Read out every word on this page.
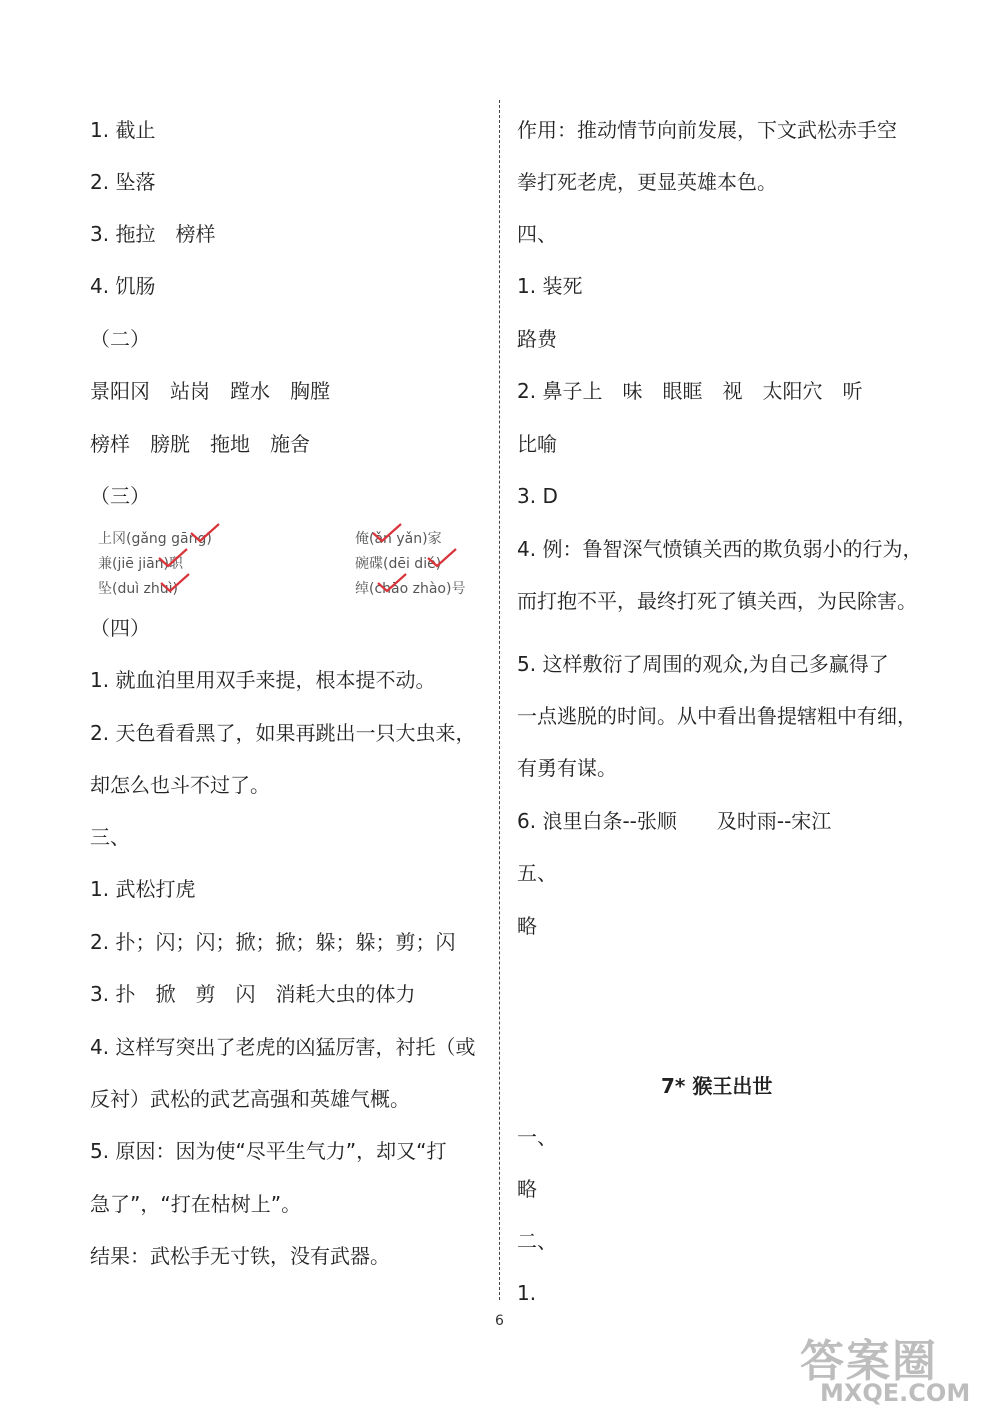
1. 截止
2. 坠落
3. 拖拉　榜样
4. 饥肠
（二）
景阳冈　站岗　蹚水　胸膛
榜样　膀胱　拖地　施舍
（三）
上冈(gǎng gāng)
兼(jiē jiān)职
坠(duì zhuì)
俺(ǎn yǎn)家
碗碟(dēi dié)
绰(chāo zhào)号
（四）
1. 就血泊里用双手来提，根本提不动。
2. 天色看看黑了，如果再跳出一只大虫来，
却怎么也斗不过了。
三、
1. 武松打虎
2. 扑；闪；闪；掀；掀；躲；躲；剪；闪
3. 扑　掀　剪　闪　消耗大虫的体力
4. 这样写突出了老虎的凶猛厉害，衬托（或
反衬）武松的武艺高强和英雄气概。
5. 原因：因为使“尽平生气力”，却又“打
急了”，“打在枯树上”。
结果：武松手无寸铁，没有武器。
作用：推动情节向前发展，下文武松赤手空
拳打死老虎，更显英雄本色。
四、
1. 装死
路费
2. 鼻子上　味　眼眶　视　太阳穴　听
比喻
3. D
4. 例：鲁智深气愤镇关西的欺负弱小的行为，
而打抱不平，最终打死了镇关西，为民除害。
5. 这样敷衍了周围的观众,为自己多赢得了
一点逃脱的时间。从中看出鲁提辖粗中有细，
有勇有谋。
6. 浪里白条--张顺　　及时雨--宋江
五、
略
一、
略
二、
1.
7* 猴王出世
6
答案圈
MXQE.COM
